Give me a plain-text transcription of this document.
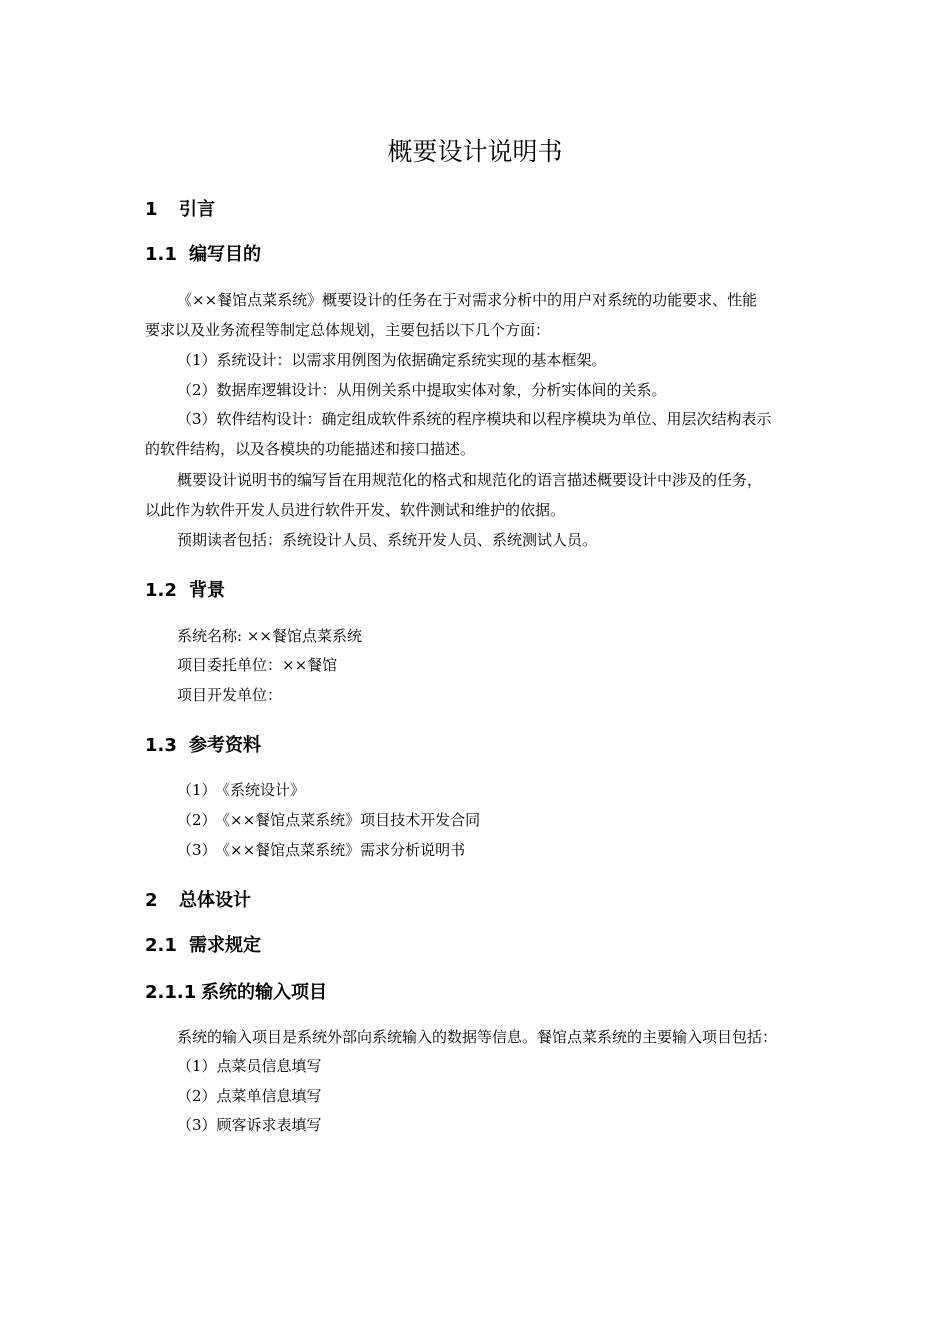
概要设计说明书
1 引言
1.1 编写目的
《××餐馆点菜系统》概要设计的任务在于对需求分析中的用户对系统的功能要求、性能
要求以及业务流程等制定总体规划，主要包括以下几个方面：
（1）系统设计：以需求用例图为依据确定系统实现的基本框架。
（2）数据库逻辑设计：从用例关系中提取实体对象，分析实体间的关系。
（3）软件结构设计：确定组成软件系统的程序模块和以程序模块为单位、用层次结构表示
的软件结构，以及各模块的功能描述和接口描述。
概要设计说明书的编写旨在用规范化的格式和规范化的语言描述概要设计中涉及的任务，
以此作为软件开发人员进行软件开发、软件测试和维护的依据。
预期读者包括：系统设计人员、系统开发人员、系统测试人员。
1.2 背景
系统名称: ××餐馆点菜系统
项目委托单位：××餐馆
项目开发单位：
1.3 参考资料
（1）《系统设计》
（2）《××餐馆点菜系统》项目技术开发合同
（3）《××餐馆点菜系统》需求分析说明书
2 总体设计
2.1 需求规定
2.1.1 系统的输入项目
系统的输入项目是系统外部向系统输入的数据等信息。餐馆点菜系统的主要输入项目包括：
（1）点菜员信息填写
（2）点菜单信息填写
（3）顾客诉求表填写
